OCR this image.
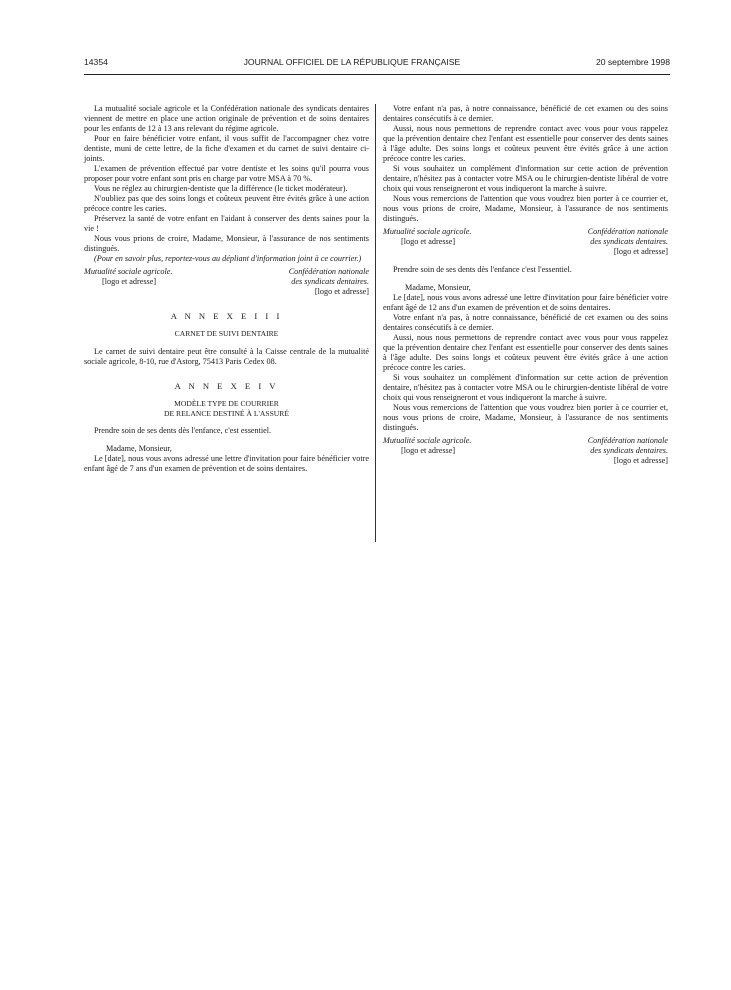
14354	JOURNAL OFFICIEL DE LA RÉPUBLIQUE FRANÇAISE	20 septembre 1998

La mutualité sociale agricole et la Confédération nationale des syndicats dentaires viennent de mettre en place une action originale de prévention et de soins dentaires pour les enfants de 12 à 13 ans relevant du régime agricole.

Pour en faire bénéficier votre enfant, il vous suffit de l'accompagner chez votre dentiste, muni de cette lettre, de la fiche d'examen et du carnet de suivi dentaire ci-joints.

L'examen de prévention effectué par votre dentiste et les soins qu'il pourra vous proposer pour votre enfant sont pris en charge par votre MSA à 70 %.

Vous ne réglez au chirurgien-dentiste que la différence (le ticket modérateur).

N'oubliez pas que des soins longs et coûteux peuvent être évités grâce à une action précoce contre les caries.

Préservez la santé de votre enfant en l'aidant à conserver des dents saines pour la vie !

Nous vous prions de croire, Madame, Monsieur, à l'assurance de nos sentiments distingués.

(Pour en savoir plus, reportez-vous au dépliant d'information joint à ce courrier.)

Mutualité sociale agricole.
[logo et adresse]
Confédération nationale
des syndicats dentaires.
[logo et adresse]
A N N E X E I I I
CARNET DE SUIVI DENTAIRE

Le carnet de suivi dentaire peut être consulté à la Caisse centrale de la mutualité sociale agricole, 8-10, rue d'Astorg, 75413 Paris Cedex 08.

A N N E X E I V
MODÈLE TYPE DE COURRIER
DE RELANCE DESTINÉ À L'ASSURÉ

Prendre soin de ses dents dès l'enfance, c'est essentiel.

Madame, Monsieur,

Le [date], nous vous avons adressé une lettre d'invitation pour faire bénéficier votre enfant âgé de 7 ans d'un examen de prévention et de soins dentaires.

Votre enfant n'a pas, à notre connaissance, bénéficié de cet examen ou des soins dentaires consécutifs à ce dernier.

Aussi, nous nous permettons de reprendre contact avec vous pour vous rappelez que la prévention dentaire chez l'enfant est essentielle pour conserver des dents saines à l'âge adulte. Des soins longs et coûteux peuvent être évités grâce à une action précoce contre les caries.

Si vous souhaitez un complément d'information sur cette action de prévention dentaire, n'hésitez pas à contacter votre MSA ou le chirurgien-dentiste libéral de votre choix qui vous renseigneront et vous indiqueront la marche à suivre.

Nous vous remercions de l'attention que vous voudrez bien porter à ce courrier et, nous vous prions de croire, Madame, Monsieur, à l'assurance de nos sentiments distingués.

Mutualité sociale agricole.
[logo et adresse]
Confédération nationale
des syndicats dentaires.
[logo et adresse]

Prendre soin de ses dents dès l'enfance c'est l'essentiel.

Madame, Monsieur,

Le [date], nous vous avons adressé une lettre d'invitation pour faire bénéficier votre enfant âgé de 12 ans d'un examen de prévention et de soins dentaires.

Votre enfant n'a pas, à notre connaissance, bénéficié de cet examen ou des soins dentaires consécutifs à ce dernier.

Aussi, nous nous permettons de reprendre contact avec vous pour vous rappelez que la prévention dentaire chez l'enfant est essentielle pour conserver des dents saines à l'âge adulte. Des soins longs et coûteux peuvent être évités grâce à une action précoce contre les caries.

Si vous souhaitez un complément d'information sur cette action de prévention dentaire, n'hésitez pas à contacter votre MSA ou le chirurgien-dentiste libéral de votre choix qui vous renseigneront et vous indiqueront la marche à suivre.

Nous vous remercions de l'attention que vous voudrez bien porter à ce courrier et, nous vous prions de croire, Madame, Monsieur, à l'assurance de nos sentiments distingués.

Mutualité sociale agricole.
[logo et adresse]
Confédération nationale
des syndicats dentaires.
[logo et adresse]
